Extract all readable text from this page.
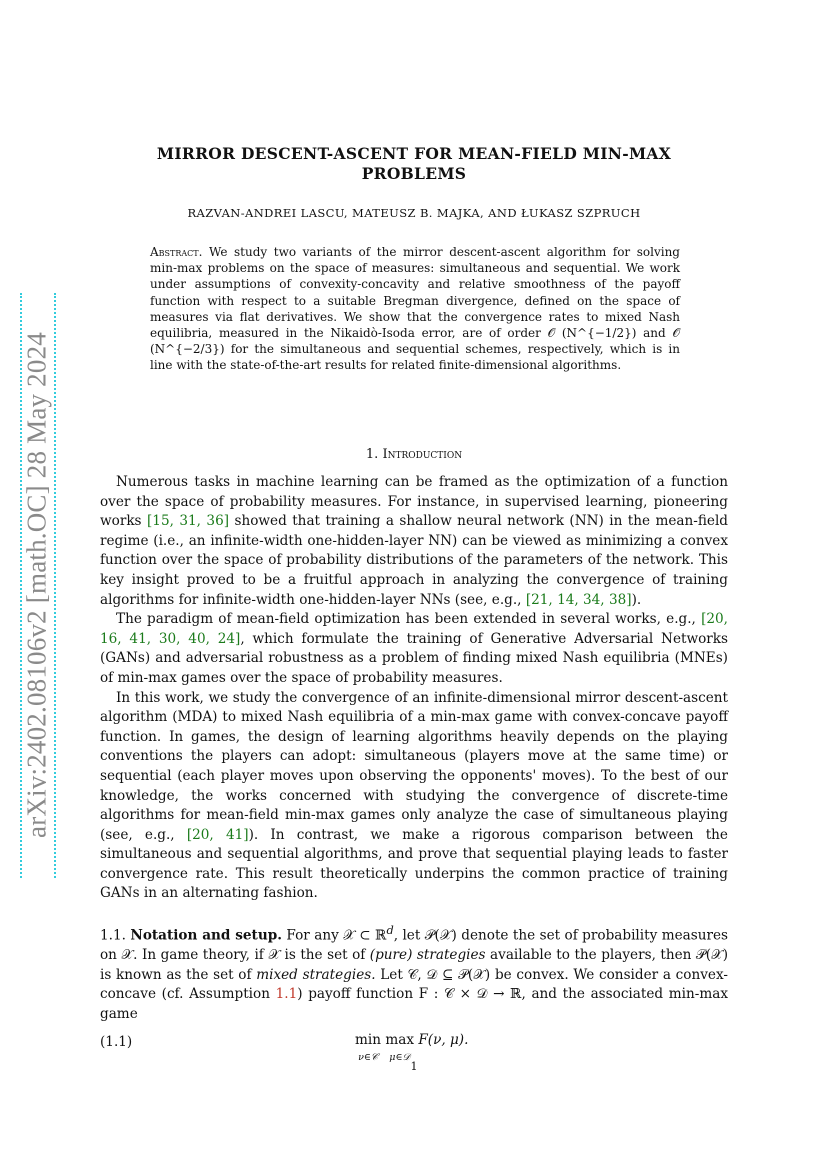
arXiv:2402.08106v2 [math.OC] 28 May 2024
MIRROR DESCENT-ASCENT FOR MEAN-FIELD MIN-MAX
PROBLEMS
RAZVAN-ANDREI LASCU, MATEUSZ B. MAJKA, AND ŁUKASZ SZPRUCH
Abstract. We study two variants of the mirror descent-ascent algorithm for solving min-max problems on the space of measures: simultaneous and sequential. We work under assumptions of convexity-concavity and relative smoothness of the payoff function with respect to a suitable Bregman divergence, defined on the space of measures via flat derivatives. We show that the convergence rates to mixed Nash equilibria, measured in the Nikaidò-Isoda error, are of order 𝒪 (N^{−1/2}) and 𝒪 (N^{−2/3}) for the simultaneous and sequential schemes, respectively, which is in line with the state-of-the-art results for related finite-dimensional algorithms.
1. Introduction

Numerous tasks in machine learning can be framed as the optimization of a function over the space of probability measures. For instance, in supervised learning, pioneering works [15, 31, 36] showed that training a shallow neural network (NN) in the mean-field regime (i.e., an infinite-width one-hidden-layer NN) can be viewed as minimizing a convex function over the space of probability distributions of the parameters of the network. This key insight proved to be a fruitful approach in analyzing the convergence of training algorithms for infinite-width one-hidden-layer NNs (see, e.g., [21, 14, 34, 38]).

The paradigm of mean-field optimization has been extended in several works, e.g., [20, 16, 41, 30, 40, 24], which formulate the training of Generative Adversarial Networks (GANs) and adversarial robustness as a problem of finding mixed Nash equilibria (MNEs) of min-max games over the space of probability measures.

In this work, we study the convergence of an infinite-dimensional mirror descent-ascent algorithm (MDA) to mixed Nash equilibria of a min-max game with convex-concave payoff function. In games, the design of learning algorithms heavily depends on the playing conventions the players can adopt: simultaneous (players move at the same time) or sequential (each player moves upon observing the opponents' moves). To the best of our knowledge, the works concerned with studying the convergence of discrete-time algorithms for mean-field min-max games only analyze the case of simultaneous playing (see, e.g., [20, 41]). In contrast, we make a rigorous comparison between the simultaneous and sequential algorithms, and prove that sequential playing leads to faster convergence rate. This result theoretically underpins the common practice of training GANs in an alternating fashion.

1.1. Notation and setup. For any 𝒳 ⊂ ℝ$^d$, let 𝒫(𝒳) denote the set of probability measures on 𝒳. In game theory, if 𝒳 is the set of (pure) strategies available to the players, then 𝒫(𝒳) is known as the set of mixed strategies. Let 𝒞, 𝒟 ⊆ 𝒫(𝒳) be convex. We consider a convex-concave (cf. Assumption 1.1) payoff function F : 𝒞 × 𝒟 → ℝ, and the associated min-max game

(1.1)	min
ν∈𝒞 max
μ∈𝒟 F(ν, μ).
1
